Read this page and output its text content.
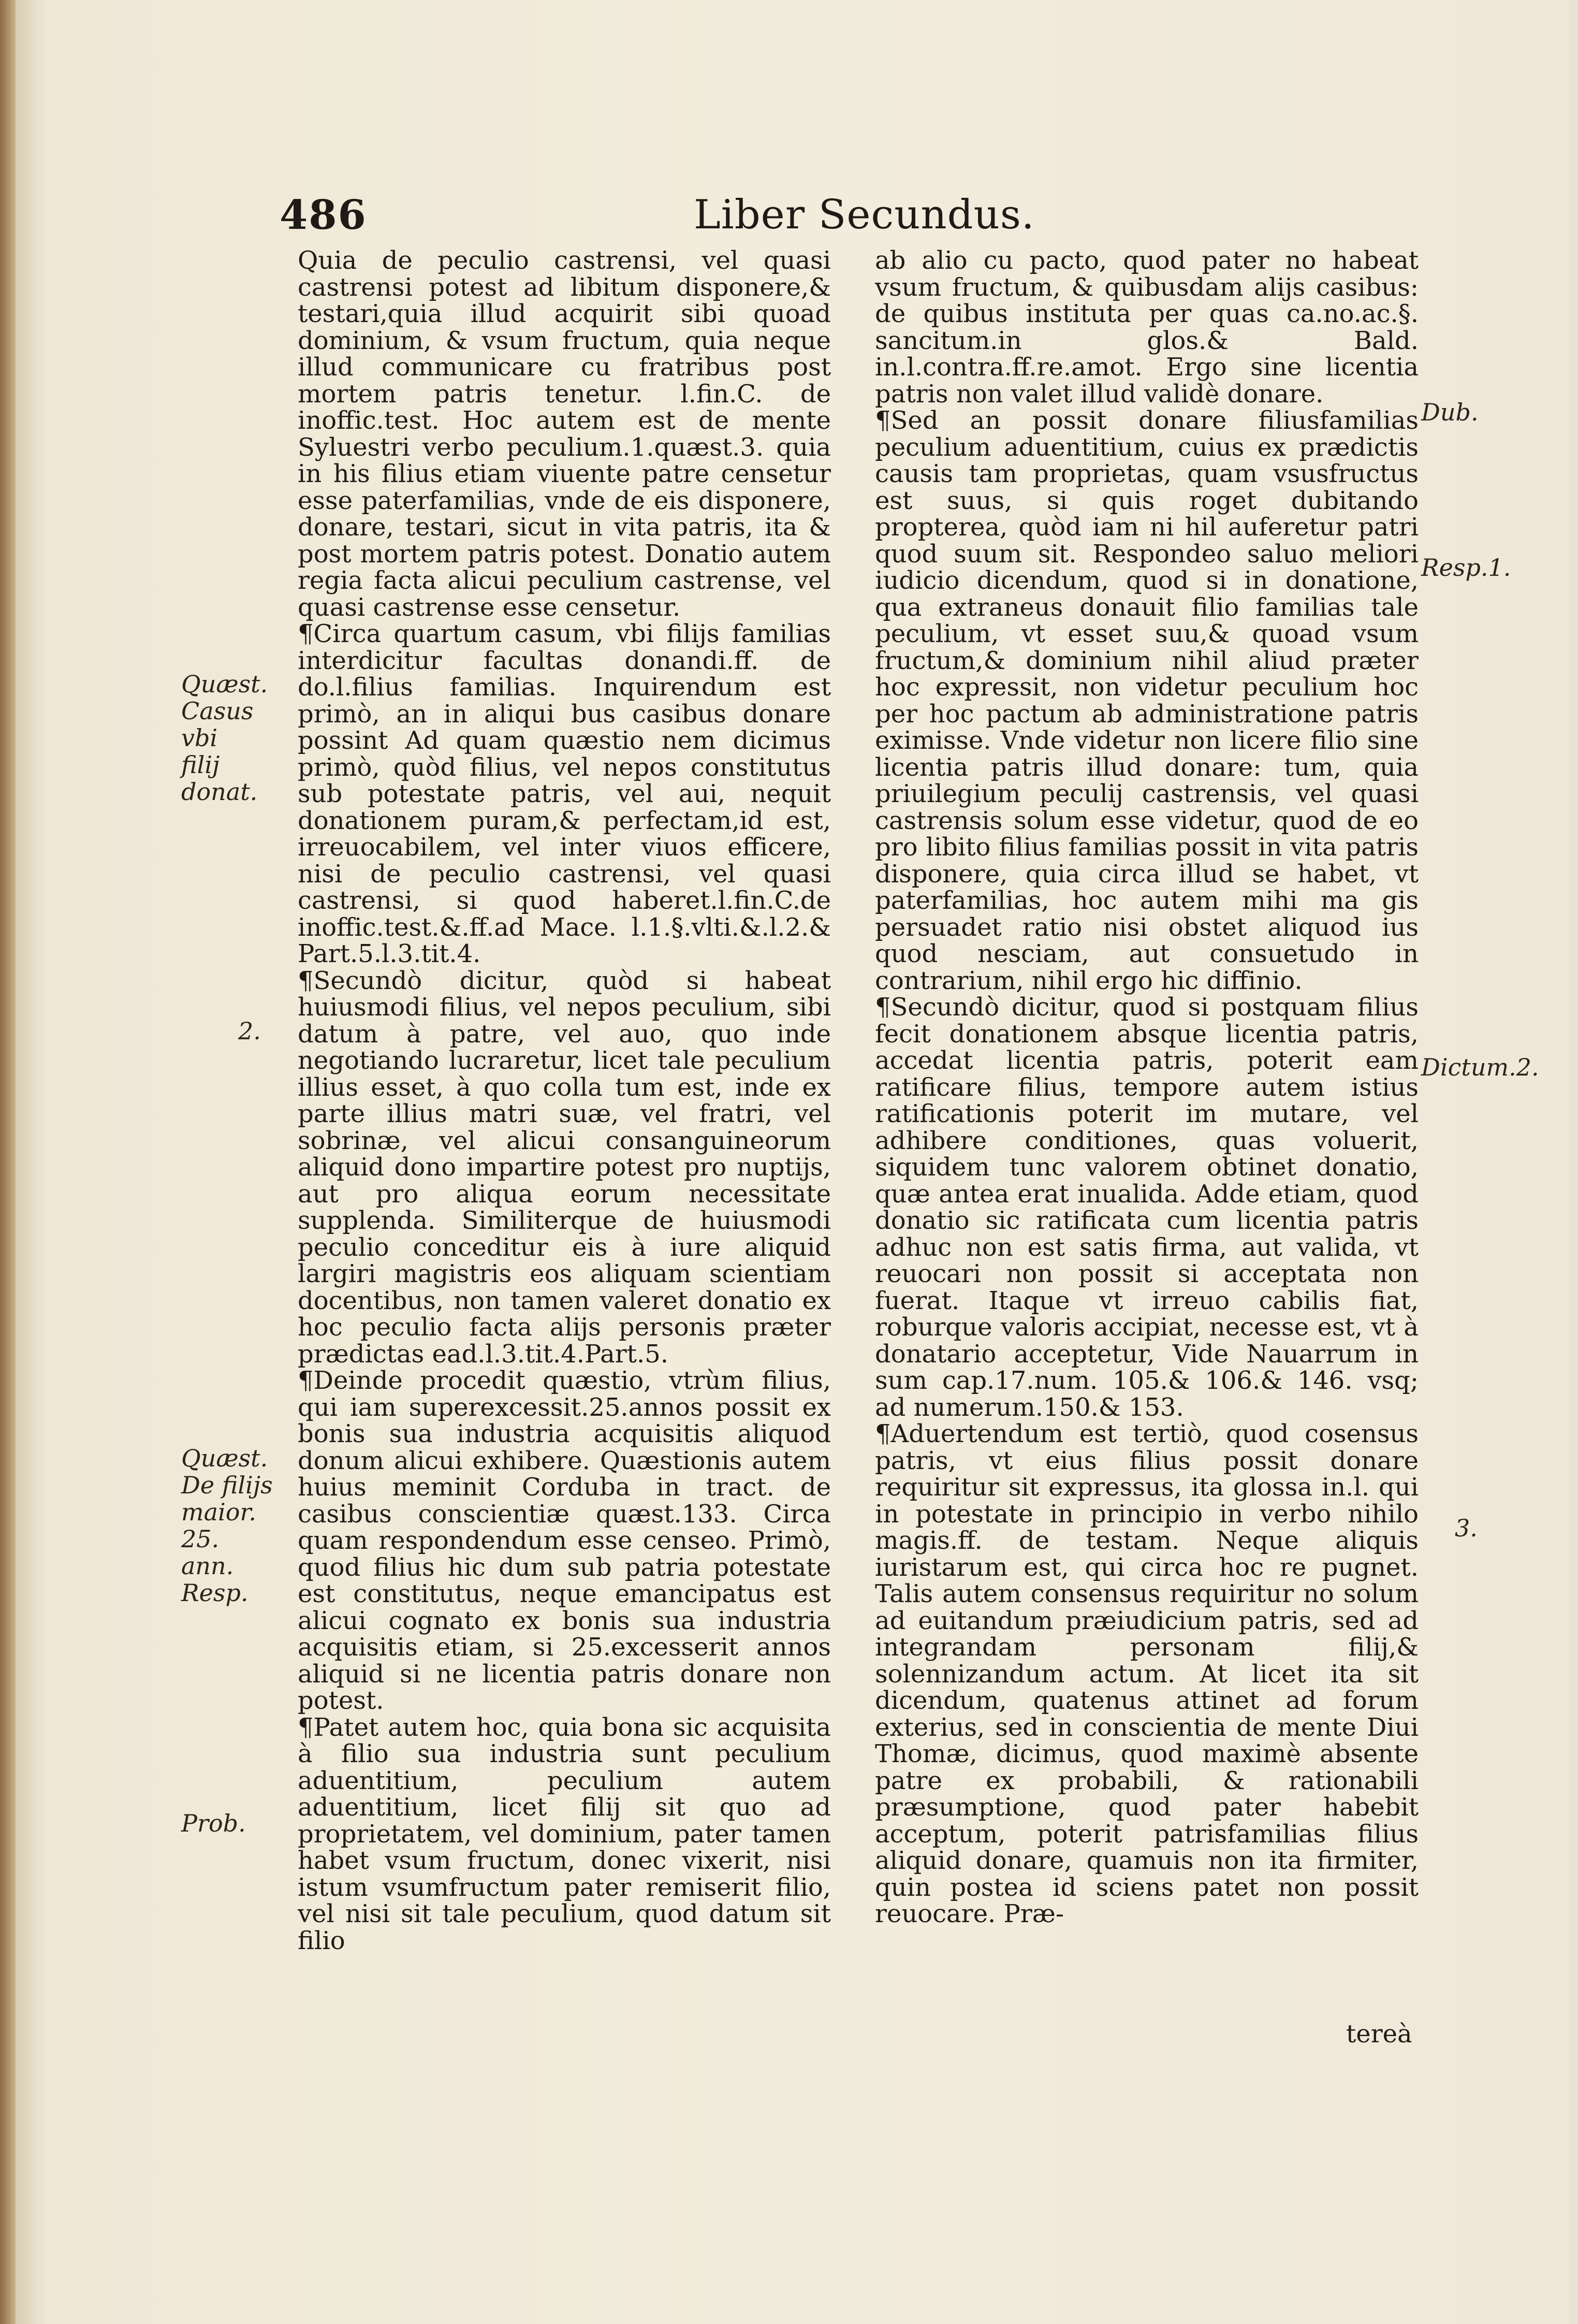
486	Liber Secundus.
Quæst.
Casus vbi
filij donat.
2.
Quæst.
De filijs
maior. 25.
ann.
Resp.
Prob.
Dub.
Resp.1.
Dictum.2.
3.

Quia de peculio castrensi, vel quasi castrensi potest ad libitum disponere,& testari,quia illud acquirit sibi quoad dominium, & vsum fructum, quia neque illud communicare cu fratribus post mortem patris tenetur. l.fin.C. de inoffic.test. Hoc autem est de mente Syluestri verbo peculium.1.quæst.3. quia in his filius etiam viuente patre censetur esse paterfamilias, vnde de eis disponere, donare, testari, sicut in vita patris, ita & post mortem patris potest. Donatio autem regia facta alicui peculium castrense, vel quasi castrense esse censetur.

¶Circa quartum casum, vbi filijs familias interdicitur facultas donandi.ff. de do.l.filius familias. Inquirendum est primò, an in aliqui bus casibus donare possint Ad quam quæstio nem dicimus primò, quòd filius, vel nepos constitutus sub potestate patris, vel aui, nequit donationem puram,& perfectam,id est, irreuocabilem, vel inter viuos efficere, nisi de peculio castrensi, vel quasi castrensi, si quod haberet.l.fin.C.de inoffic.test.&.ff.ad Mace. l.1.§.vlti.&.l.2.& Part.5.l.3.tit.4.

¶Secundò dicitur, quòd si habeat huiusmodi filius, vel nepos peculium, sibi datum à patre, vel auo, quo inde negotiando lucraretur, licet tale peculium illius esset, à quo colla tum est, inde ex parte illius matri suæ, vel fratri, vel sobrinæ, vel alicui consanguineorum aliquid dono impartire potest pro nuptijs, aut pro aliqua eorum necessitate supplenda. Similiterque de huiusmodi peculio conceditur eis à iure aliquid largiri magistris eos aliquam scientiam docentibus, non tamen valeret donatio ex hoc peculio facta alijs personis præter prædictas ead.l.3.tit.4.Part.5.

¶Deinde procedit quæstio, vtrùm filius, qui iam superexcessit.25.annos possit ex bonis sua industria acquisitis aliquod donum alicui exhibere. Quæstionis autem huius meminit Corduba in tract. de casibus conscientiæ quæst.133. Circa quam respondendum esse censeo. Primò, quod filius hic dum sub patria potestate est constitutus, neque emancipatus est alicui cognato ex bonis sua industria acquisitis etiam, si 25.excesserit annos aliquid si ne licentia patris donare non potest.

¶Patet autem hoc, quia bona sic acquisita à filio sua industria sunt peculium aduentitium, peculium autem aduentitium, licet filij sit quo ad proprietatem, vel dominium, pater tamen habet vsum fructum, donec vixerit, nisi istum vsumfructum pater remiserit filio, vel nisi sit tale peculium, quod datum sit filio

ab alio cu pacto, quod pater no habeat vsum fructum, & quibusdam alijs casibus: de quibus instituta per quas ca.no.ac.§. sancitum.in glos.& Bald. in.l.contra.ff.re.amot. Ergo sine licentia patris non valet illud validè donare.

¶Sed an possit donare filiusfamilias peculium aduentitium, cuius ex prædictis causis tam proprietas, quam vsusfructus est suus, si quis roget dubitando propterea, quòd iam ni hil auferetur patri quod suum sit. Respondeo saluo meliori iudicio dicendum, quod si in donatione, qua extraneus donauit filio familias tale peculium, vt esset suu,& quoad vsum fructum,& dominium nihil aliud præter hoc expressit, non videtur peculium hoc per hoc pactum ab administratione patris eximisse. Vnde videtur non licere filio sine licentia patris illud donare: tum, quia priuilegium peculij castrensis, vel quasi castrensis solum esse videtur, quod de eo pro libito filius familias possit in vita patris disponere, quia circa illud se habet, vt paterfamilias, hoc autem mihi ma gis persuadet ratio nisi obstet aliquod ius quod nesciam, aut consuetudo in contrarium, nihil ergo hic diffinio.

¶Secundò dicitur, quod si postquam filius fecit donationem absque licentia patris, accedat licentia patris, poterit eam ratificare filius, tempore autem istius ratificationis poterit im mutare, vel adhibere conditiones, quas voluerit, siquidem tunc valorem obtinet donatio, quæ antea erat inualida. Adde etiam, quod donatio sic ratificata cum licentia patris adhuc non est satis firma, aut valida, vt reuocari non possit si acceptata non fuerat. Itaque vt irreuo cabilis fiat, roburque valoris accipiat, necesse est, vt à donatario acceptetur, Vide Nauarrum in sum cap.17.num. 105.& 106.& 146. vsq; ad numerum.150.& 153.

¶Aduertendum est tertiò, quod cosensus patris, vt eius filius possit donare requiritur sit expressus, ita glossa in.l. qui in potestate in principio in verbo nihilo magis.ff. de testam. Neque aliquis iuristarum est, qui circa hoc re pugnet. Talis autem consensus requiritur no solum ad euitandum præiudicium patris, sed ad integrandam personam filij,& solennizandum actum. At licet ita sit dicendum, quatenus attinet ad forum exterius, sed in conscientia de mente Diui Thomæ, dicimus, quod maximè absente patre ex probabili, & rationabili præsumptione, quod pater habebit acceptum, poterit patrisfamilias filius aliquid donare, quamuis non ita firmiter, quin postea id sciens patet non possit reuocare. Præ-

tereà
